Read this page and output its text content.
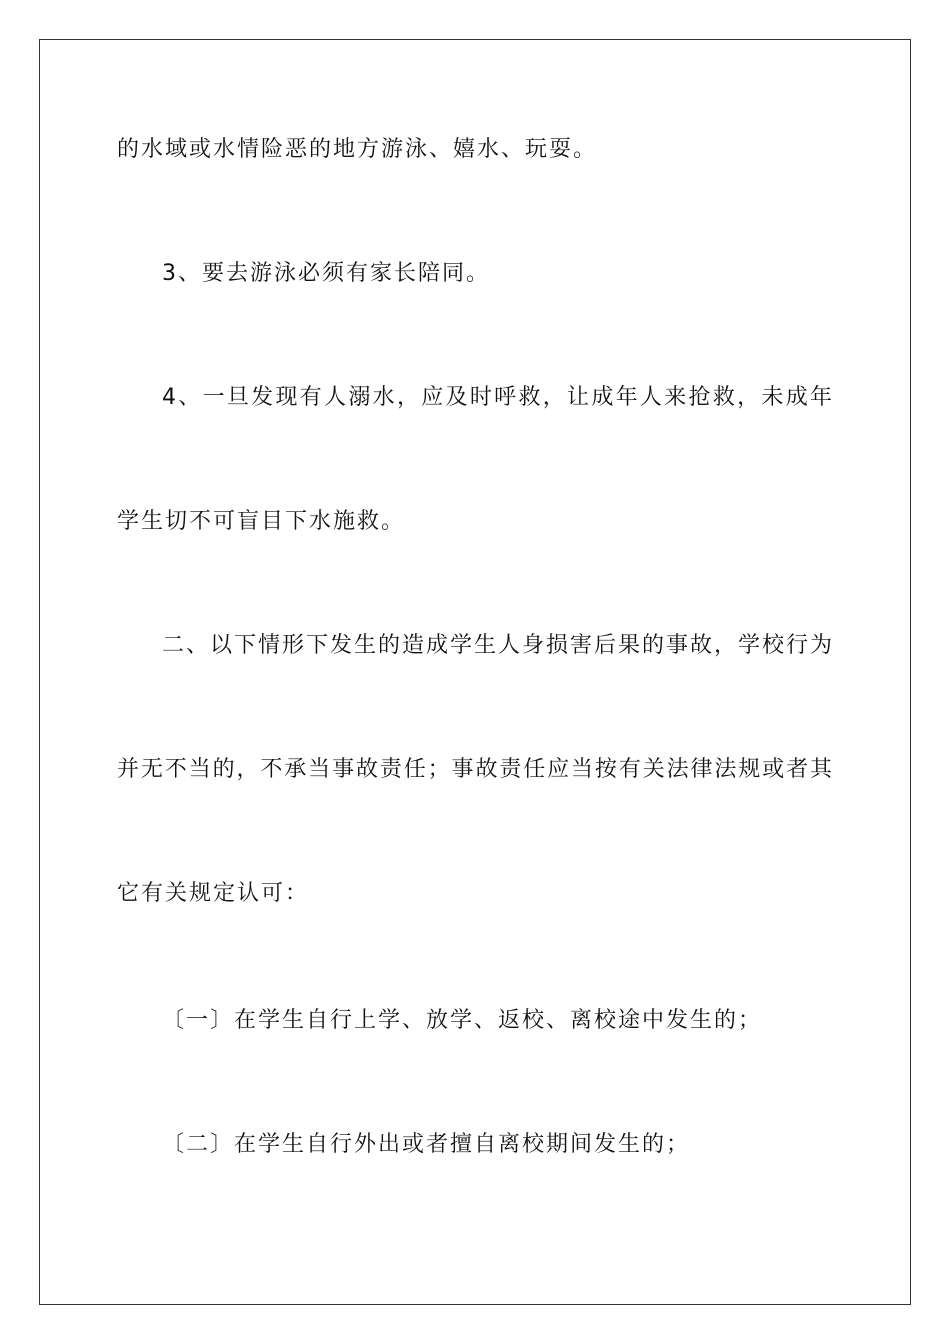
的水域或水情险恶的地方游泳、嬉水、玩耍。

3、要去游泳必须有家长陪同。

4、一旦发现有人溺水，应及时呼救，让成年人来抢救，未成年

学生切不可盲目下水施救。

二、以下情形下发生的造成学生人身损害后果的事故，学校行为

并无不当的，不承当事故责任；事故责任应当按有关法律法规或者其

它有关规定认可：

〔一〕在学生自行上学、放学、返校、离校途中发生的；

〔二〕在学生自行外出或者擅自离校期间发生的；
